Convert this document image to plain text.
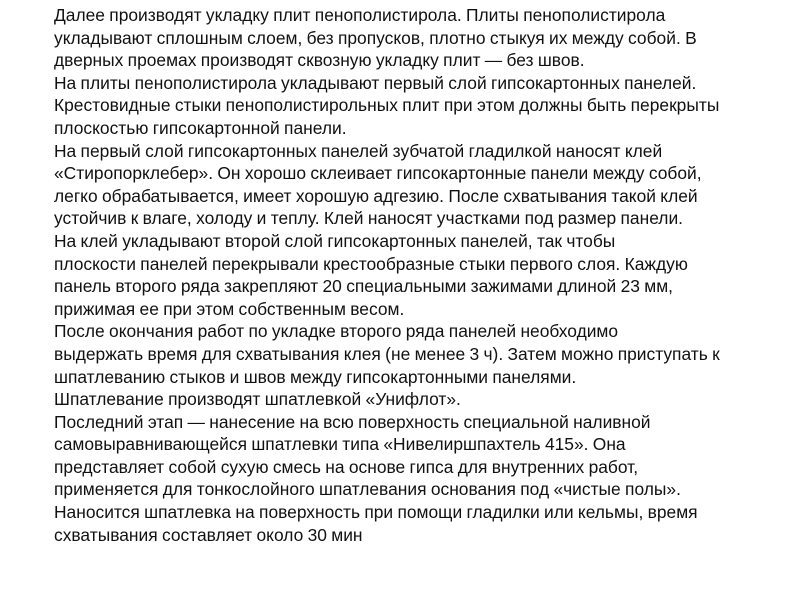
Далее производят укладку плит пенополистирола. Плиты пенополистирола
укладывают сплошным слоем, без пропусков, плотно стыкуя их между собой. В
дверных проемах производят сквозную укладку плит — без швов.

На плиты пенополистирола укладывают первый слой гипсокартонных панелей.
Крестовидные стыки пенополистирольных плит при этом должны быть перекрыты
плоскостью гипсокартонной панели.

На первый слой гипсокартонных панелей зубчатой гладилкой наносят клей
«Стиропорклебер». Он хорошо склеивает гипсокартонные панели между собой,
легко обрабатывается, имеет хорошую адгезию. После схватывания такой клей
устойчив к влаге, холоду и теплу. Клей наносят участками под размер панели.

На клей укладывают второй слой гипсокартонных панелей, так чтобы
плоскости панелей перекрывали крестообразные стыки первого слоя. Каждую
панель второго ряда закрепляют 20 специальными зажимами длиной 23 мм,
прижимая ее при этом собственным весом.

После окончания работ по укладке второго ряда панелей необходимо
выдержать время для схватывания клея (не менее 3 ч). Затем можно приступать к
шпатлеванию стыков и швов между гипсокартонными панелями.

Шпатлевание производят шпатлевкой «Унифлот».

Последний этап — нанесение на всю поверхность специальной наливной
самовыравнивающейся шпатлевки типа «Нивелиршпахтель 415». Она
представляет собой сухую смесь на основе гипса для внутренних работ,
применяется для тонкослойного шпатлевания основания под «чистые полы».
Наносится шпатлевка на поверхность при помощи гладилки или кельмы, время
схватывания составляет около 30 мин
